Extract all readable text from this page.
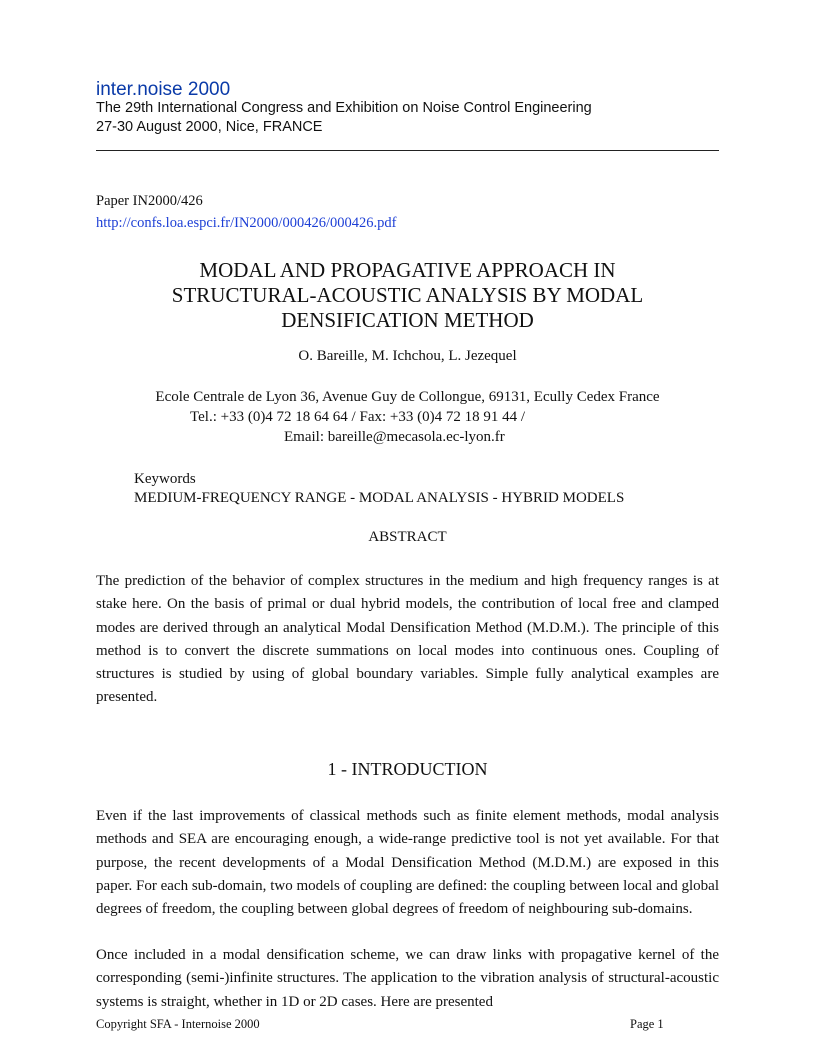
inter.noise 2000
The 29th International Congress and Exhibition on Noise Control Engineering
27-30 August 2000, Nice, FRANCE
Paper IN2000/426
http://confs.loa.espci.fr/IN2000/000426/000426.pdf
MODAL AND PROPAGATIVE APPROACH IN
STRUCTURAL-ACOUSTIC ANALYSIS BY MODAL
DENSIFICATION METHOD
O. Bareille, M. Ichchou, L. Jezequel
Ecole Centrale de Lyon 36, Avenue Guy de Collongue, 69131, Ecully Cedex France
Tel.: +33 (0)4 72 18 64 64 / Fax: +33 (0)4 72 18 91 44 /
Email: bareille@mecasola.ec-lyon.fr
Keywords
MEDIUM-FREQUENCY RANGE - MODAL ANALYSIS - HYBRID MODELS
ABSTRACT

The prediction of the behavior of complex structures in the medium and high frequency ranges is at stake here. On the basis of primal or dual hybrid models, the contribution of local free and clamped modes are derived through an analytical Modal Densification Method (M.D.M.). The principle of this method is to convert the discrete summations on local modes into continuous ones. Coupling of structures is studied by using of global boundary variables. Simple fully analytical examples are presented.

1 - INTRODUCTION

Even if the last improvements of classical methods such as finite element methods, modal analysis methods and SEA are encouraging enough, a wide-range predictive tool is not yet available. For that purpose, the recent developments of a Modal Densification Method (M.D.M.) are exposed in this paper. For each sub-domain, two models of coupling are defined: the coupling between local and global degrees of freedom, the coupling between global degrees of freedom of neighbouring sub-domains.

Once included in a modal densification scheme, we can draw links with propagative kernel of the corresponding (semi-)infinite structures. The application to the vibration analysis of structural-acoustic systems is straight, whether in 1D or 2D cases. Here are presented

Copyright SFA - Internoise 2000	Page 1
